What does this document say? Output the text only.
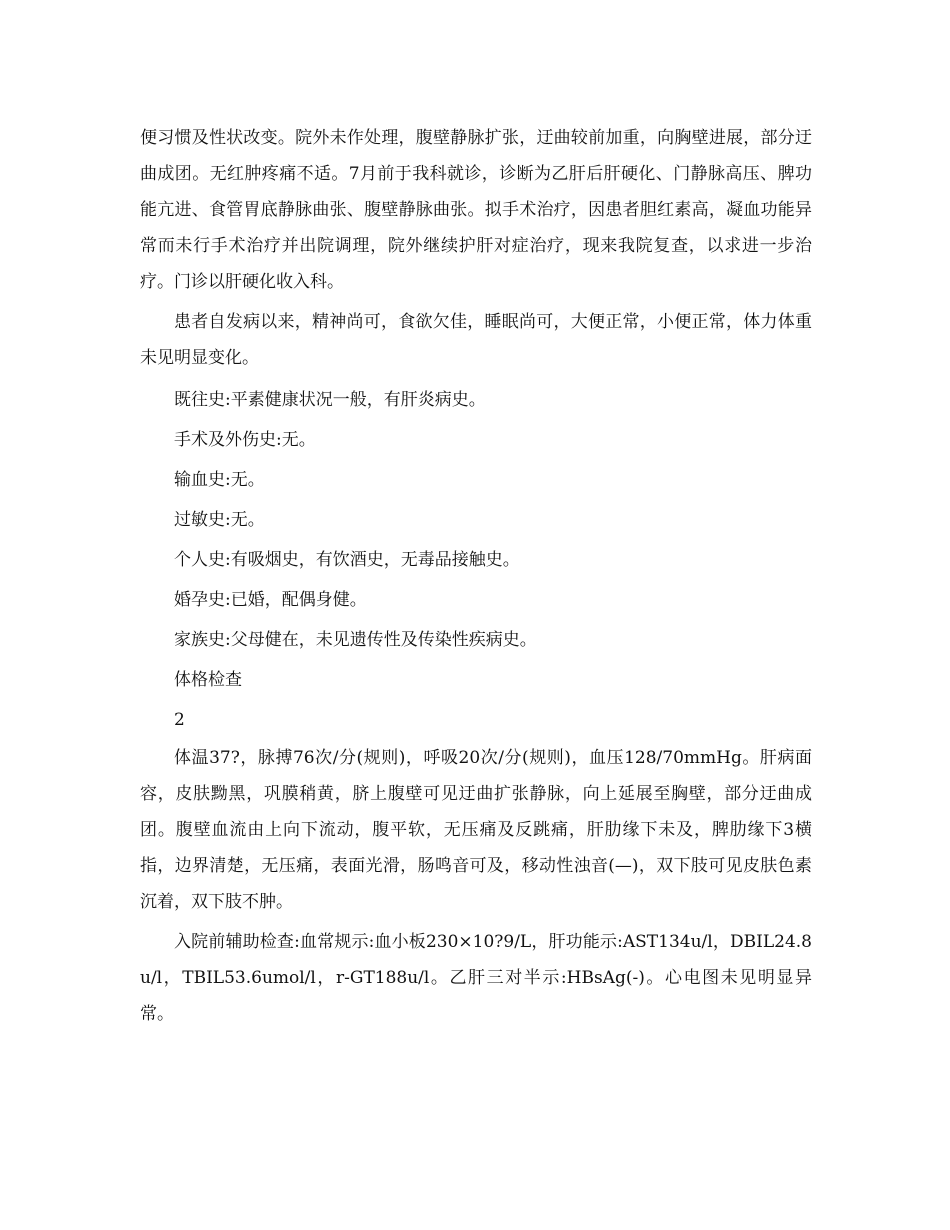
便习惯及性状改变。院外未作处理，腹壁静脉扩张，迂曲较前加重，向胸壁进展，部分迂曲成团。无红肿疼痛不适。7月前于我科就诊，诊断为乙肝后肝硬化、门静脉高压、脾功能亢进、食管胃底静脉曲张、腹壁静脉曲张。拟手术治疗，因患者胆红素高，凝血功能异常而未行手术治疗并出院调理，院外继续护肝对症治疗，现来我院复查，以求进一步治疗。门诊以肝硬化收入科。

患者自发病以来，精神尚可，食欲欠佳，睡眠尚可，大便正常，小便正常，体力体重未见明显变化。

既往史:平素健康状况一般，有肝炎病史。

手术及外伤史:无。

输血史:无。

过敏史:无。

个人史:有吸烟史，有饮酒史，无毒品接触史。

婚孕史:已婚，配偶身健。

家族史:父母健在，未见遗传性及传染性疾病史。

体格检查

2

体温37?，脉搏76次/分(规则)，呼吸20次/分(规则)，血压128/70mmHg。肝病面容，皮肤黝黑，巩膜稍黄，脐上腹壁可见迂曲扩张静脉，向上延展至胸壁，部分迂曲成团。腹壁血流由上向下流动，腹平软，无压痛及反跳痛，肝肋缘下未及，脾肋缘下3横指，边界清楚，无压痛，表面光滑，肠鸣音可及，移动性浊音(—)，双下肢可见皮肤色素沉着，双下肢不肿。

入院前辅助检查:血常规示:血小板230×10?9/L，肝功能示:AST134u/l，DBIL24.8u/l，TBIL53.6umol/l，r-GT188u/l。乙肝三对半示:HBsAg(-)。心电图未见明显异常。
